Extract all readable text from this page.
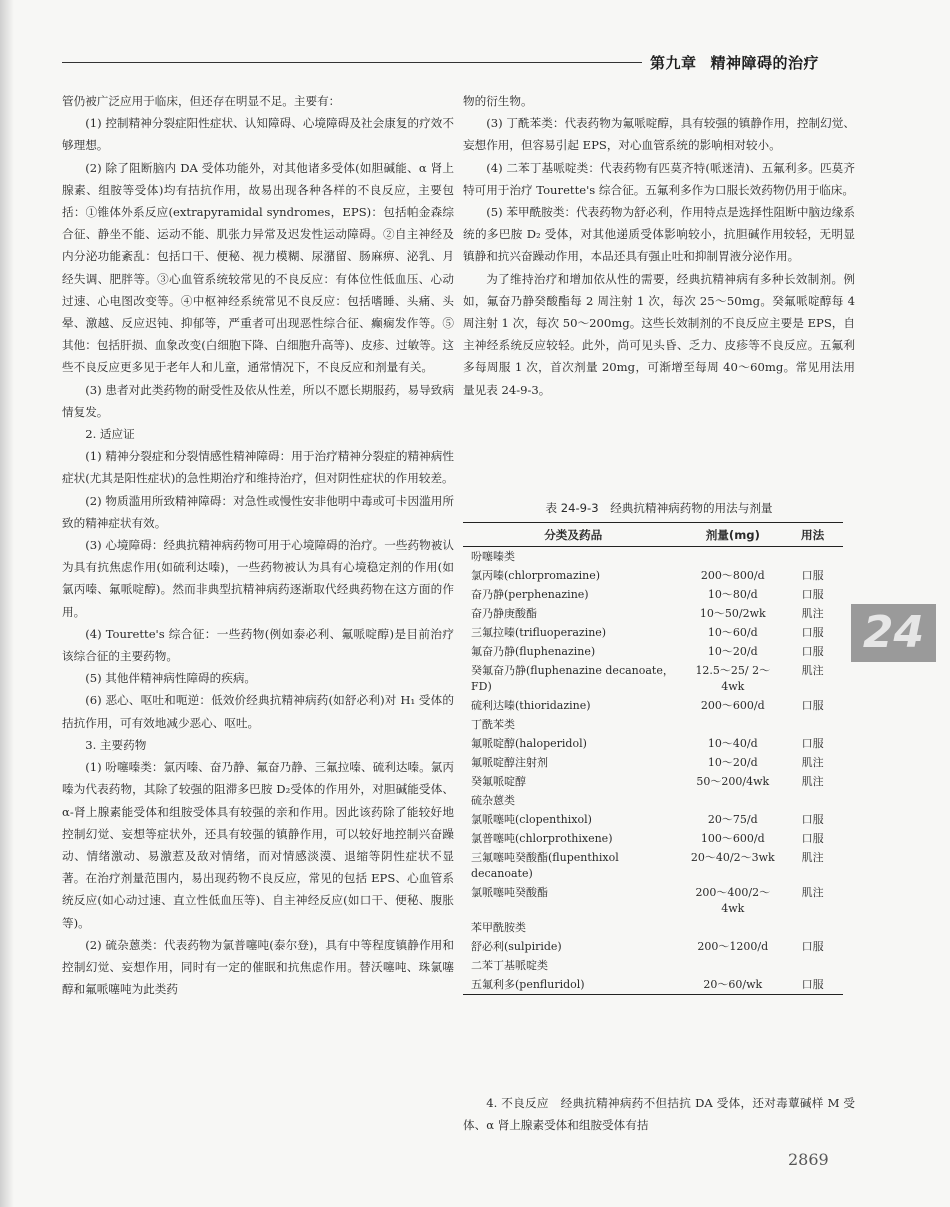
第九章 精神障碍的治疗

管仍被广泛应用于临床，但还存在明显不足。主要有：

(1) 控制精神分裂症阳性症状、认知障碍、心境障碍及社会康复的疗效不够理想。

(2) 除了阻断脑内 DA 受体功能外，对其他诸多受体(如胆碱能、α 肾上腺素、组胺等受体)均有拮抗作用，故易出现各种各样的不良反应，主要包括：①锥体外系反应(extrapyramidal syndromes，EPS)：包括帕金森综合征、静坐不能、运动不能、肌张力异常及迟发性运动障碍。②自主神经及内分泌功能紊乱：包括口干、便秘、视力模糊、尿潴留、肠麻痹、泌乳、月经失调、肥胖等。③心血管系统较常见的不良反应：有体位性低血压、心动过速、心电图改变等。④中枢神经系统常见不良反应：包括嗜睡、头痛、头晕、激越、反应迟钝、抑郁等，严重者可出现恶性综合征、癫痫发作等。⑤其他：包括肝损、血象改变(白细胞下降、白细胞升高等)、皮疹、过敏等。这些不良反应更多见于老年人和儿童，通常情况下，不良反应和剂量有关。

(3) 患者对此类药物的耐受性及依从性差，所以不愿长期服药，易导致病情复发。

2. 适应证

(1) 精神分裂症和分裂情感性精神障碍：用于治疗精神分裂症的精神病性症状(尤其是阳性症状)的急性期治疗和维持治疗，但对阴性症状的作用较差。

(2) 物质滥用所致精神障碍：对急性或慢性安非他明中毒或可卡因滥用所致的精神症状有效。

(3) 心境障碍：经典抗精神病药物可用于心境障碍的治疗。一些药物被认为具有抗焦虑作用(如硫利达嗪)，一些药物被认为具有心境稳定剂的作用(如氯丙嗪、氟哌啶醇)。然而非典型抗精神病药逐渐取代经典药物在这方面的作用。

(4) Tourette's 综合征：一些药物(例如泰必利、氟哌啶醇)是目前治疗该综合征的主要药物。

(5) 其他伴精神病性障碍的疾病。

(6) 恶心、呕吐和呃逆：低效价经典抗精神病药(如舒必利)对 H₁ 受体的拮抗作用，可有效地减少恶心、呕吐。

3. 主要药物

(1) 吩噻嗪类：氯丙嗪、奋乃静、氟奋乃静、三氟拉嗪、硫利达嗪。氯丙嗪为代表药物，其除了较强的阻滞多巴胺 D₂受体的作用外，对胆碱能受体、α-肾上腺素能受体和组胺受体具有较强的亲和作用。因此该药除了能较好地控制幻觉、妄想等症状外，还具有较强的镇静作用，可以较好地控制兴奋躁动、情绪激动、易激惹及敌对情绪，而对情感淡漠、退缩等阴性症状不显著。在治疗剂量范围内，易出现药物不良反应，常见的包括 EPS、心血管系统反应(如心动过速、直立性低血压等)、自主神经反应(如口干、便秘、腹胀等)。

(2) 硫杂蒽类：代表药物为氯普噻吨(泰尔登)，具有中等程度镇静作用和控制幻觉、妄想作用，同时有一定的催眠和抗焦虑作用。替沃噻吨、珠氯噻醇和氟哌噻吨为此类药

物的衍生物。

(3) 丁酰苯类：代表药物为氟哌啶醇，具有较强的镇静作用，控制幻觉、妄想作用，但容易引起 EPS，对心血管系统的影响相对较小。

(4) 二苯丁基哌啶类：代表药物有匹莫齐特(哌迷清)、五氟利多。匹莫齐特可用于治疗 Tourette's 综合征。五氟利多作为口服长效药物仍用于临床。

(5) 苯甲酰胺类：代表药物为舒必利，作用特点是选择性阻断中脑边缘系统的多巴胺 D₂ 受体，对其他递质受体影响较小，抗胆碱作用较轻，无明显镇静和抗兴奋躁动作用，本品还具有强止吐和抑制胃液分泌作用。

为了维持治疗和增加依从性的需要，经典抗精神病有多种长效制剂。例如，氟奋乃静癸酸酯每 2 周注射 1 次，每次 25～50mg。癸氟哌啶醇每 4 周注射 1 次，每次 50～200mg。这些长效制剂的不良反应主要是 EPS，自主神经系统反应较轻。此外，尚可见头昏、乏力、皮疹等不良反应。五氟利多每周服 1 次，首次剂量 20mg，可渐增至每周 40～60mg。常见用法用量见表 24-9-3。

表 24-9-3　经典抗精神病药物的用法与剂量
分类及药品	剂量(mg)	用法
吩噻嗪类		
氯丙嗪(chlorpromazine)	200～800/d	口服
奋乃静(perphenazine)	10～80/d	口服
奋乃静庚酸酯	10～50/2wk	肌注
三氟拉嗪(trifluoperazine)	10～60/d	口服
氟奋乃静(fluphenazine)	10～20/d	口服
癸氟奋乃静(fluphenazine decanoate，FD)	12.5～25/ 2～4wk	肌注
硫利达嗪(thioridazine)	200～600/d	口服
丁酰苯类		
氟哌啶醇(haloperidol)	10～40/d	口服
氟哌啶醇注射剂	10～20/d	肌注
癸氟哌啶醇	50～200/4wk	肌注
硫杂蒽类		
氯哌噻吨(clopenthixol)	20～75/d	口服
氯普噻吨(chlorprothixene)	100～600/d	口服
三氟噻吨癸酸酯(flupenthixol decanoate)	20～40/2～3wk	肌注
氯哌噻吨癸酸酯	200～400/2～4wk	肌注
苯甲酰胺类		
舒必利(sulpiride)	200～1200/d	口服
二苯丁基哌啶类		
五氟利多(penfluridol)	20～60/wk	口服
24

4. 不良反应　经典抗精神病药不但拮抗 DA 受体，还对毒蕈碱样 M 受体、α 肾上腺素受体和组胺受体有拮

2869
